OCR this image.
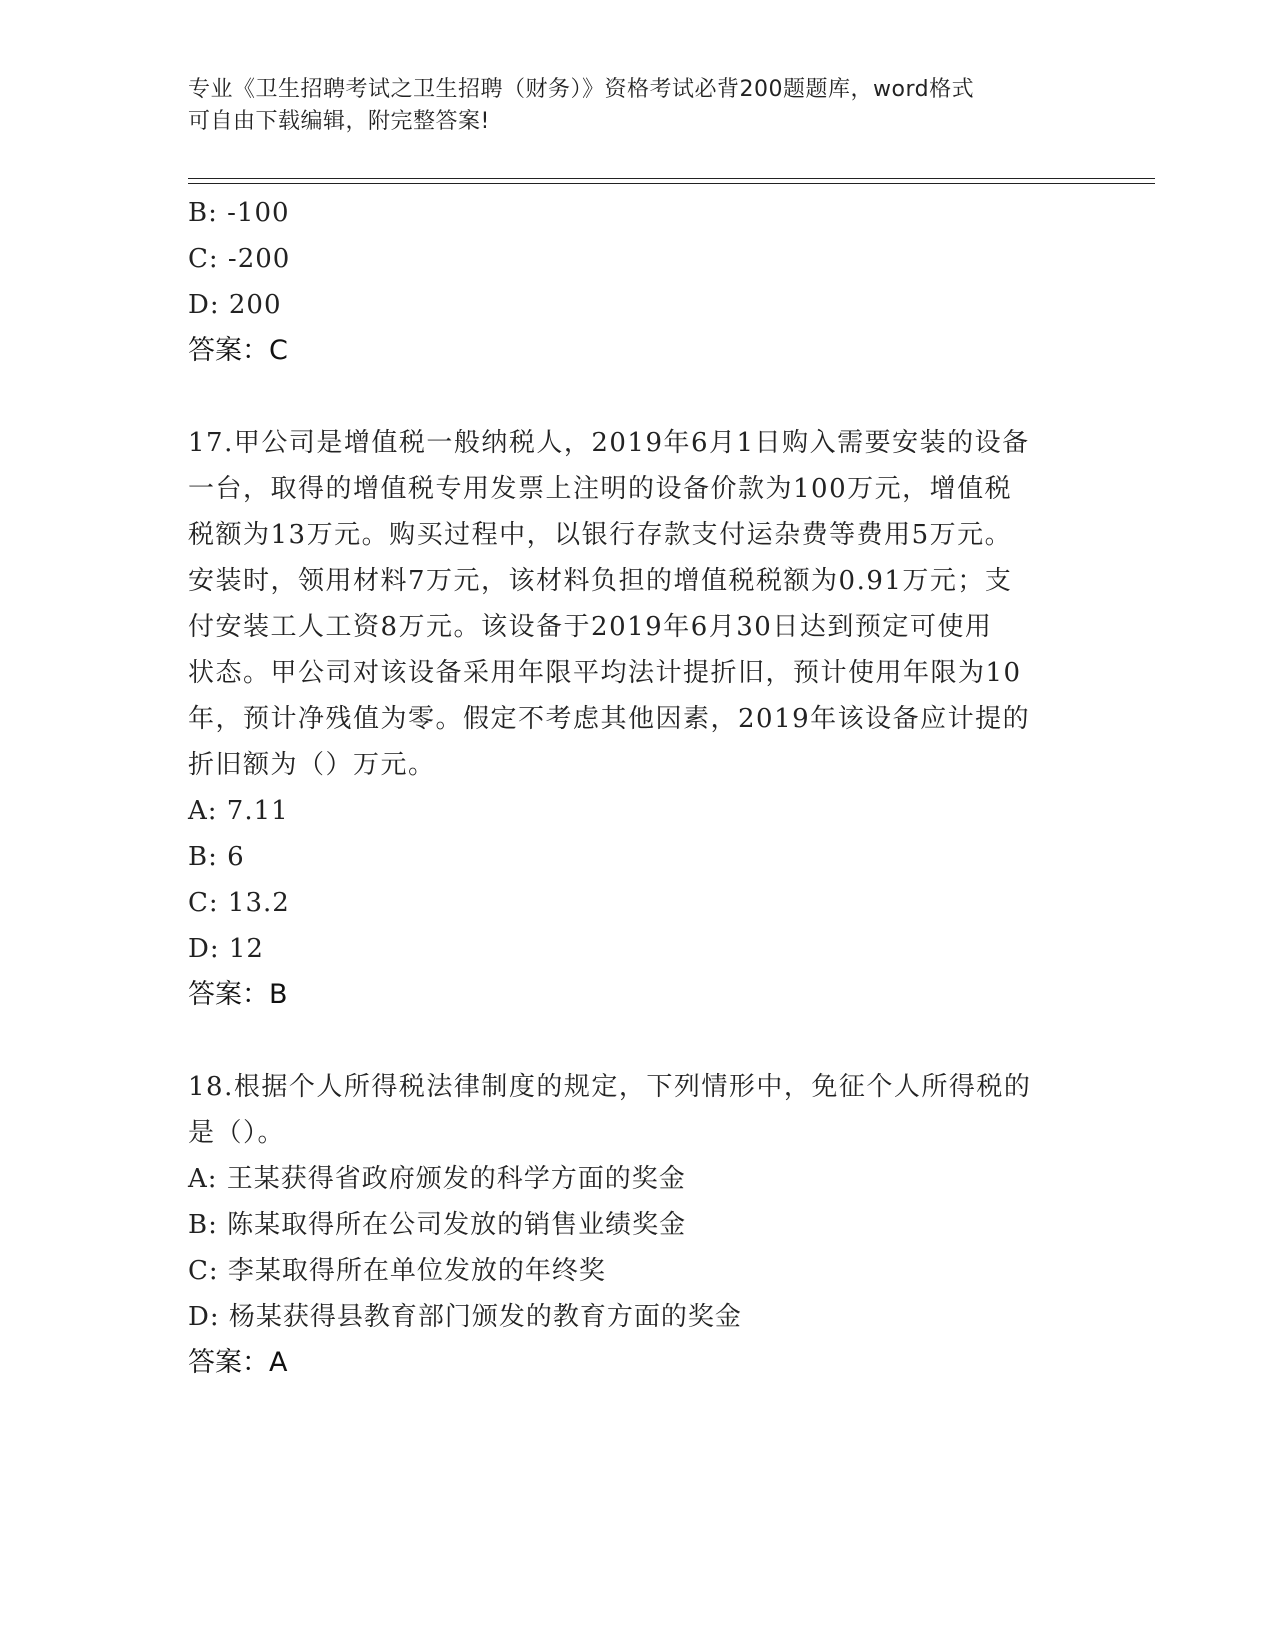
专业《卫生招聘考试之卫生招聘（财务）》资格考试必背200题题库，word格式
可自由下载编辑，附完整答案!
B: -100
C: -200
D: 200
答案：C
17.甲公司是增值税一般纳税人，2019年6月1日购入需要安装的设备
一台，取得的增值税专用发票上注明的设备价款为100万元，增值税
税额为13万元。购买过程中，以银行存款支付运杂费等费用5万元。
安装时，领用材料7万元，该材料负担的增值税税额为0.91万元；支
付安装工人工资8万元。该设备于2019年6月30日达到预定可使用
状态。甲公司对该设备采用年限平均法计提折旧，预计使用年限为10
年，预计净残值为零。假定不考虑其他因素，2019年该设备应计提的
折旧额为（）万元。
A: 7.11
B: 6
C: 13.2
D: 12
答案：B
18.根据个人所得税法律制度的规定，下列情形中，免征个人所得税的
是（）。
A: 王某获得省政府颁发的科学方面的奖金
B: 陈某取得所在公司发放的销售业绩奖金
C: 李某取得所在单位发放的年终奖
D: 杨某获得县教育部门颁发的教育方面的奖金
答案：A
